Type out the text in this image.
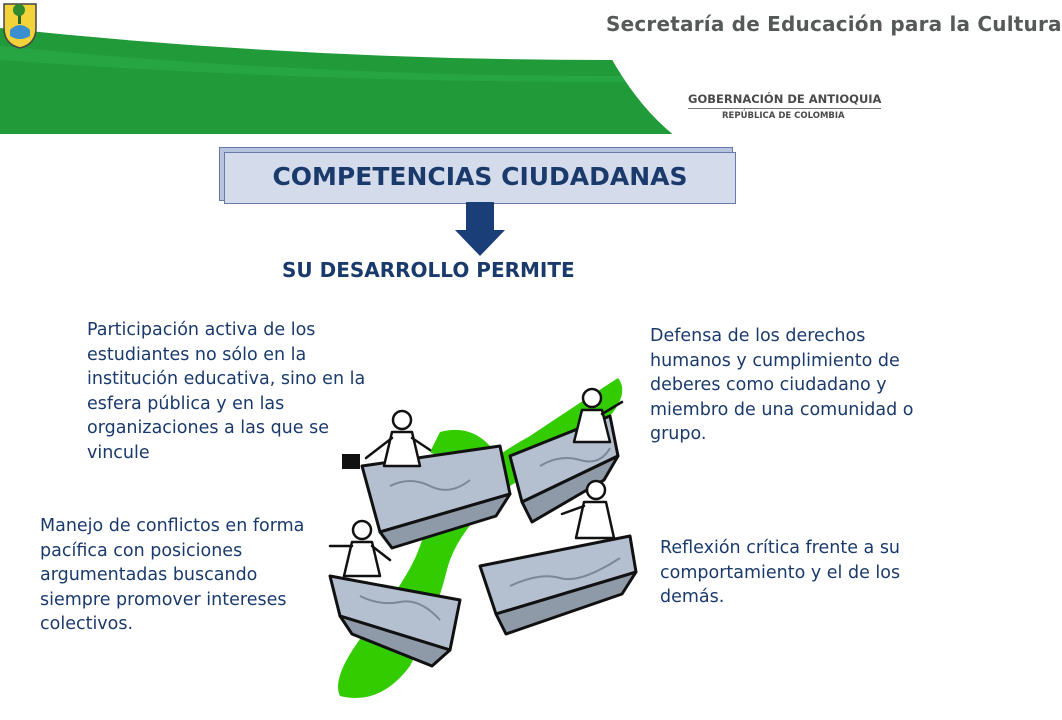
Secretaría de Educación para la Cultura
GOBERNACIÓN DE ANTIOQUIA
REPÚBLICA DE COLOMBIA
COMPETENCIAS CIUDADANAS
SU DESARROLLO PERMITE
Participación activa de los estudiantes no sólo en la institución educativa, sino en la esfera pública y en las organizaciones a las que se vincule
Defensa de los derechos humanos y cumplimiento de deberes como ciudadano y miembro de una comunidad o grupo.
Manejo de conflictos en forma pacífica con posiciones argumentadas buscando siempre promover intereses colectivos.
Reflexión crítica frente a su comportamiento y el de los demás.
